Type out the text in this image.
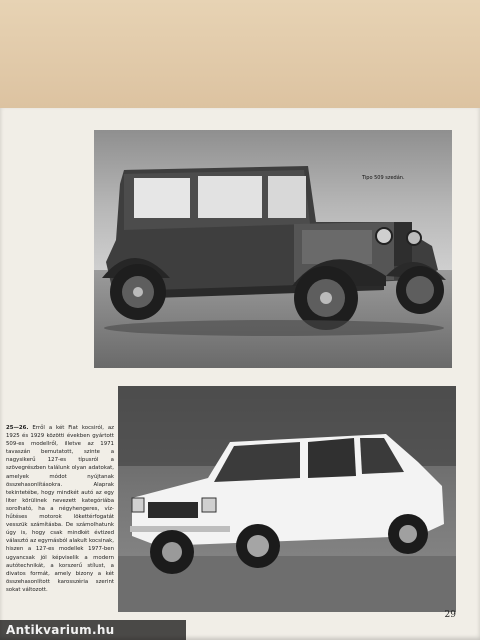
Tipo 509 szedán.
25—26. Erről a két Fiat kocsiról, az 1925 és 1929 közötti években gyártott 509-es modellről, illetve az 1971 tavaszán bemutatott, szinte a nagysikerű 127-es típusról a szövegrészben találunk olyan adatokat, amelyek módot nyújtanak összehasonlításokra. Alaprak tekintetébe, hogy mindkét autó az egy liter körülinek nevezett kategóriába sorolható, ha a négyhengeres, víz-hűtéses motorok lökettérfogatát vesszük számításba. De számolhatunk úgy is, hogy csak mindkét évtized választó az egymásból alakult kocsinak, hiszen a 127-es modellek 1977-ben ugyancsak jól képviselik a modern autótechnikát, a korszerű stílust, a divatos formát, amely bizony a két összehasonlított karosszéria szerint sokat változott.
29
Antikvarium.hu
